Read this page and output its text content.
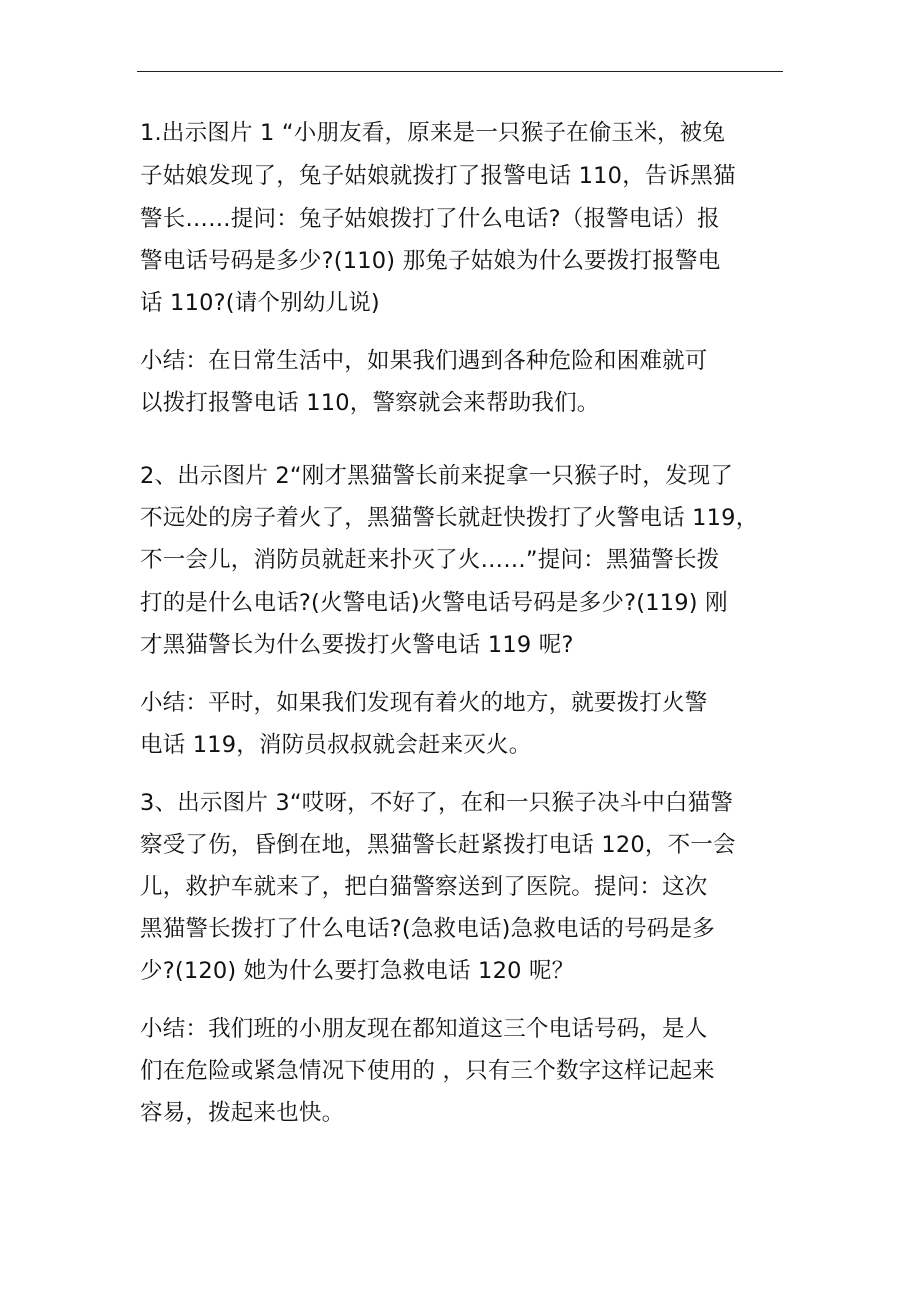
1.出示图片 1 “小朋友看，原来是一只猴子在偷玉米，被兔
子姑娘发现了，兔子姑娘就拨打了报警电话 110，告诉黑猫
警长……提问：兔子姑娘拨打了什么电话?（报警电话）报
警电话号码是多少?(110) 那兔子姑娘为什么要拨打报警电
话 110?(请个别幼儿说)
小结：在日常生活中，如果我们遇到各种危险和困难就可
以拨打报警电话 110，警察就会来帮助我们。
2、出示图片 2“刚才黑猫警长前来捉拿一只猴子时，发现了
不远处的房子着火了，黑猫警长就赶快拨打了火警电话 119，
不一会儿，消防员就赶来扑灭了火……”提问：黑猫警长拨
打的是什么电话?(火警电话)火警电话号码是多少?(119) 刚
才黑猫警长为什么要拨打火警电话 119 呢?
小结：平时，如果我们发现有着火的地方，就要拨打火警
电话 119，消防员叔叔就会赶来灭火。
3、出示图片 3“哎呀，不好了，在和一只猴子决斗中白猫警
察受了伤，昏倒在地，黑猫警长赶紧拨打电话 120，不一会
儿，救护车就来了，把白猫警察送到了医院。提问：这次
黑猫警长拨打了什么电话?(急救电话)急救电话的号码是多
少?(120) 她为什么要打急救电话 120 呢？
小结：我们班的小朋友现在都知道这三个电话号码，是人
们在危险或紧急情况下使用的 ，只有三个数字这样记起来
容易，拨起来也快。
